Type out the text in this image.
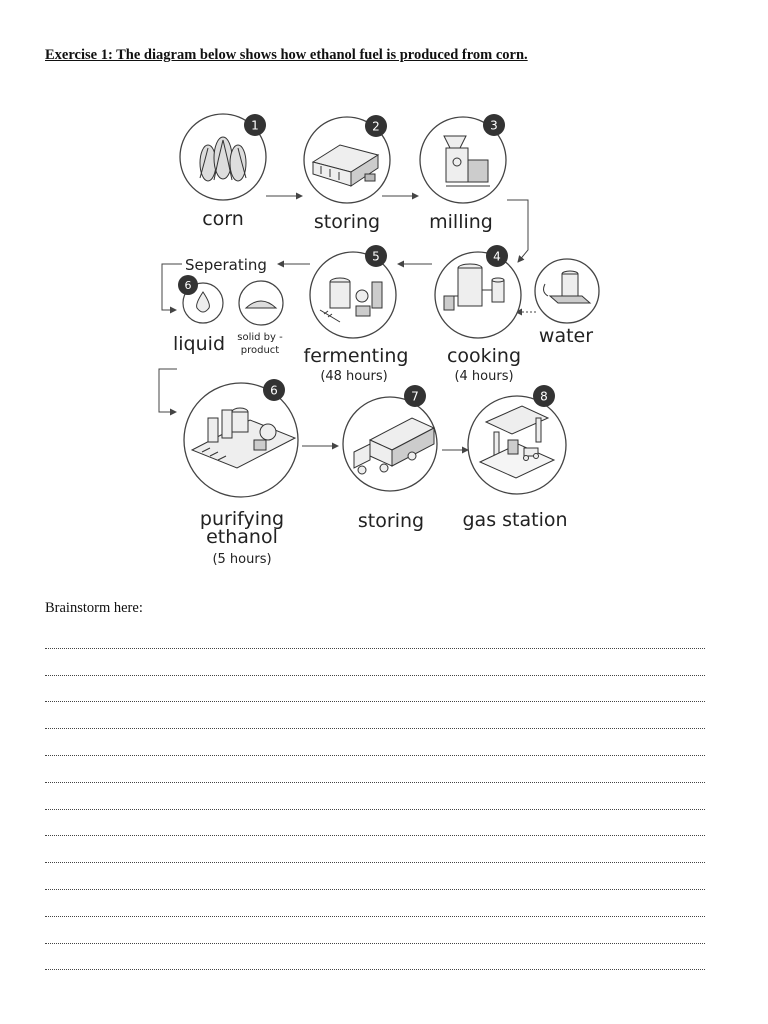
Exercise 1: The diagram below shows how ethanol fuel is produced from corn.
1
corn
2
storing
3
milling
water
4
cooking
(4 hours)
5
fermenting
(48 hours)
Seperating
6
liquid solid by -
product
6
purifying
ethanol
(5 hours)
7
storing
8
gas station
Brainstorm here:
